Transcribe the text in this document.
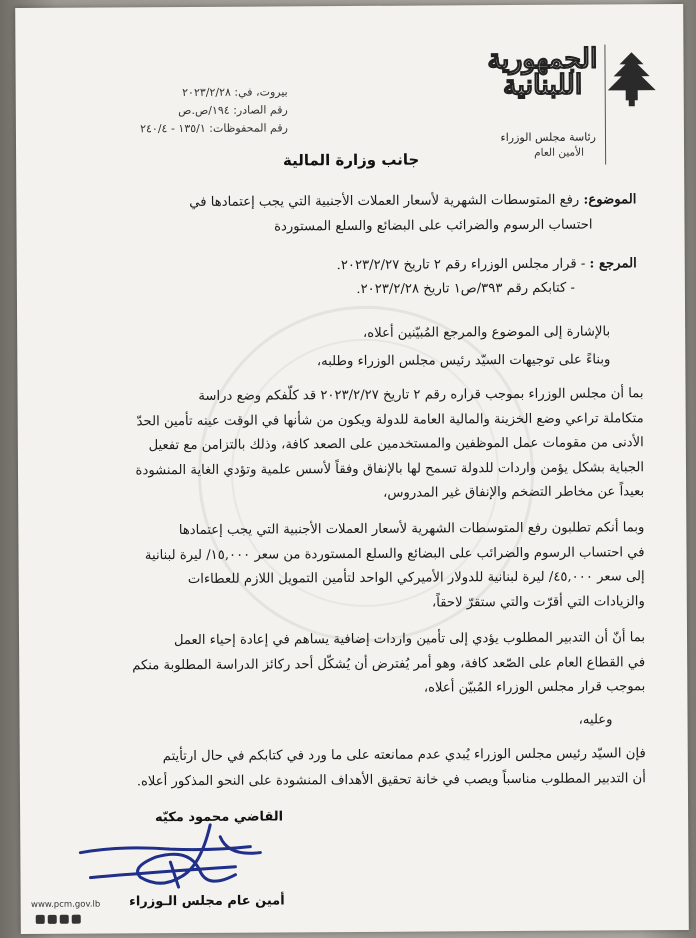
الجمهورية
اللبنانية
رئاسة مجلس الوزراء
الأمين العام
بيروت، في: ٢٠٢٣/٢/٢٨
رقم الصادر: ١٩٤/ص.ص
رقم المحفوظات: ١٣٥/١ - ٢٤٠/٤
جانب وزارة المالية
الموضوع: رفع المتوسطات الشهرية لأسعار العملات الأجنبية التي يجب إعتمادها في
احتساب الرسوم والضرائب على البضائع والسلع المستوردة
المرجع : - قرار مجلس الوزراء رقم ٢ تاريخ ٢٠٢٣/٢/٢٧.
- كتابكم رقم ٣٩٣/ص١ تاريخ ٢٠٢٣/٢/٢٨.
بالإشارة إلى الموضوع والمرجع المُبيّنين أعلاه،
وبناءً على توجيهات السيّد رئيس مجلس الوزراء وطلبه،
بما أن مجلس الوزراء بموجب قراره رقم ٢ تاريخ ٢٠٢٣/٢/٢٧ قد كلّفكم وضع دراسة
متكاملة تراعي وضع الخزينة والمالية العامة للدولة ويكون من شأنها في الوقت عينه تأمين الحدّ
الأدنى من مقومات عمل الموظفين والمستخدمين على الصعد كافة، وذلك بالتزامن مع تفعيل
الجباية بشكل يؤمن واردات للدولة تسمح لها بالإنفاق وفقاً لأسس علمية وتؤدي الغاية المنشودة
بعيداً عن مخاطر التضخم والإنفاق غير المدروس،
وبما أنكم تطلبون رفع المتوسطات الشهرية لأسعار العملات الأجنبية التي يجب إعتمادها
في احتساب الرسوم والضرائب على البضائع والسلع المستوردة من سعر ١٥,٠٠٠/ ليرة لبنانية
إلى سعر ٤٥,٠٠٠/ ليرة لبنانية للدولار الأميركي الواحد لتأمين التمويل اللازم للعطاءات
والزيادات التي أقرّت والتي ستقرّ لاحقاً،
بما أنّ أن التدبير المطلوب يؤدي إلى تأمين واردات إضافية يساهم في إعادة إحياء العمل
في القطاع العام على الصّعد كافة، وهو أمر يُفترض أن يُشكّل أحد ركائز الدراسة المطلوبة منكم
بموجب قرار مجلس الوزراء المُبيّن أعلاه،
وعليه،
فإن السيّد رئيس مجلس الوزراء يُبدي عدم ممانعته على ما ورد في كتابكم في حال ارتأيتم
أن التدبير المطلوب مناسباً ويصب في خانة تحقيق الأهداف المنشودة على النحو المذكور أعلاه.
القاضي محمود مكيّه
أمين عام مجلس الـوزراء
www.pcm.gov.lb
